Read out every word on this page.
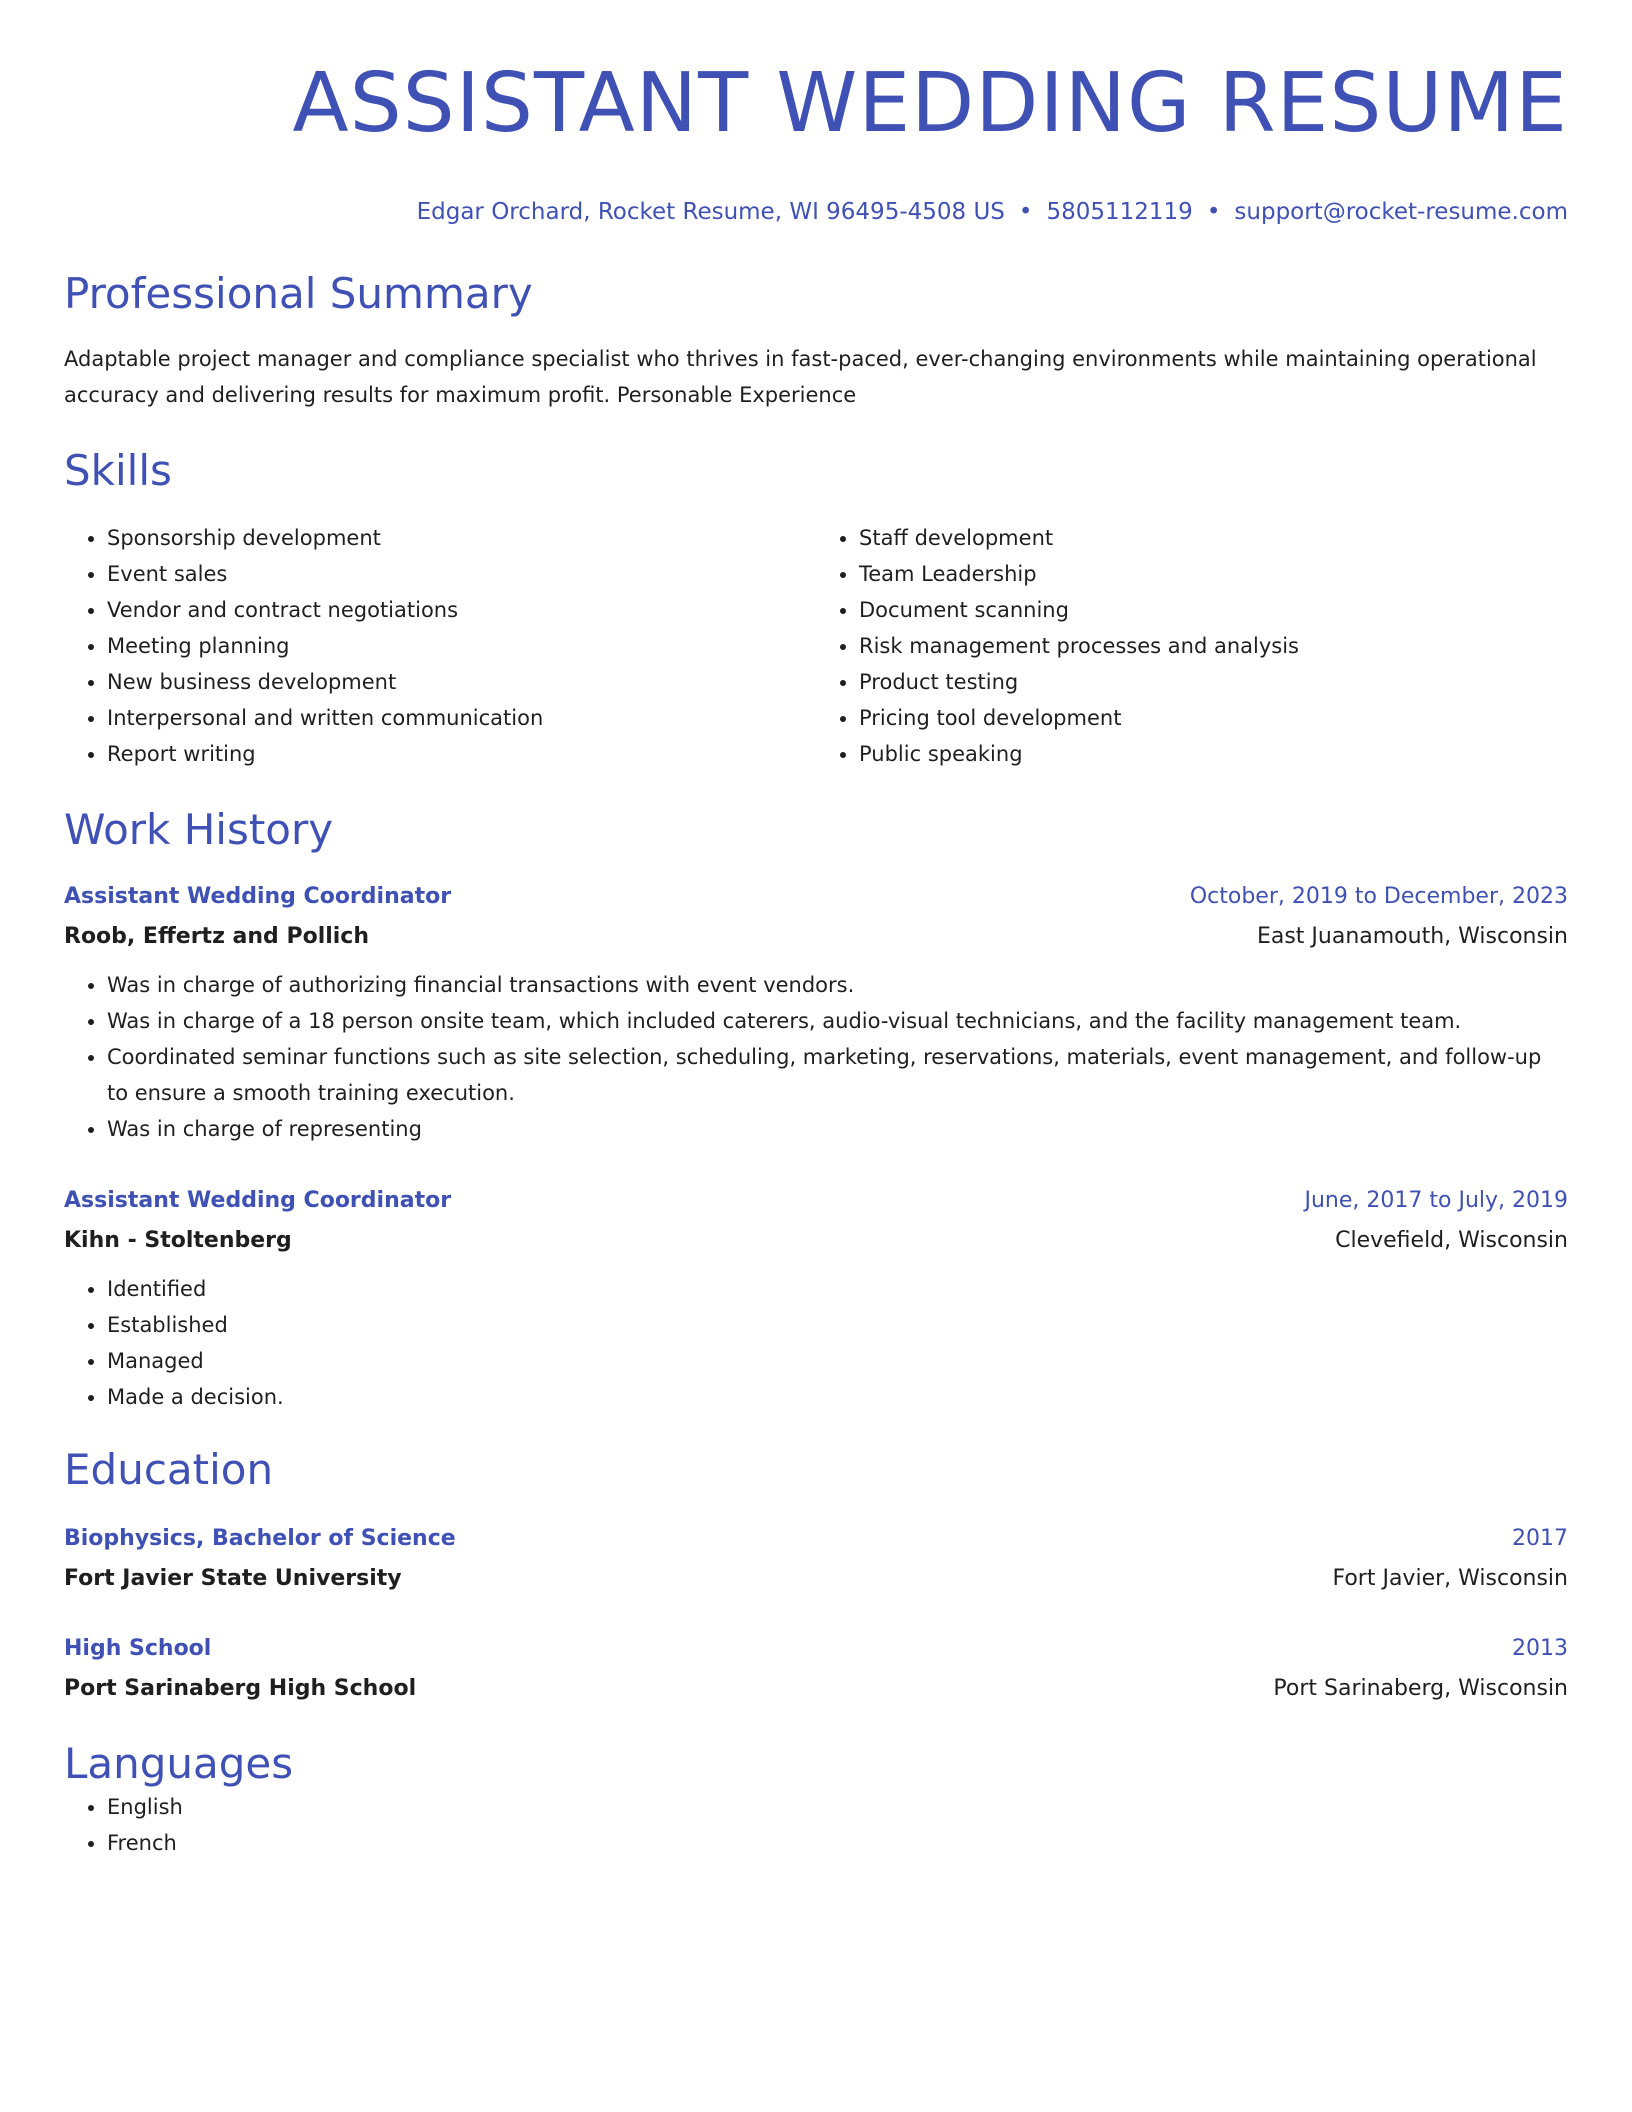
ASSISTANT WEDDING RESUME
Edgar Orchard, Rocket Resume, WI 96495-4508 US • 5805112119 • support@rocket-resume.com
Professional Summary
Adaptable project manager and compliance specialist who thrives in fast-paced, ever-changing environments while maintaining operational accuracy and delivering results for maximum profit. Personable Experience
Skills
• Sponsorship development
• Event sales
• Vendor and contract negotiations
• Meeting planning
• New business development
• Interpersonal and written communication
• Report writing
• Staff development
• Team Leadership
• Document scanning
• Risk management processes and analysis
• Product testing
• Pricing tool development
• Public speaking
Work History
Assistant Wedding Coordinator	October, 2019 to December, 2023
Roob, Effertz and Pollich	East Juanamouth, Wisconsin
• Was in charge of authorizing financial transactions with event vendors.
• Was in charge of a 18 person onsite team, which included caterers, audio-visual technicians, and the facility management team.
• Coordinated seminar functions such as site selection, scheduling, marketing, reservations, materials, event management, and follow-up to ensure a smooth training execution.
• Was in charge of representing
Assistant Wedding Coordinator	June, 2017 to July, 2019
Kihn - Stoltenberg	Clevefield, Wisconsin
• Identified
• Established
• Managed
• Made a decision.
Education
Biophysics, Bachelor of Science	2017
Fort Javier State University	Fort Javier, Wisconsin
High School	2013
Port Sarinaberg High School	Port Sarinaberg, Wisconsin
Languages
• English
• French
